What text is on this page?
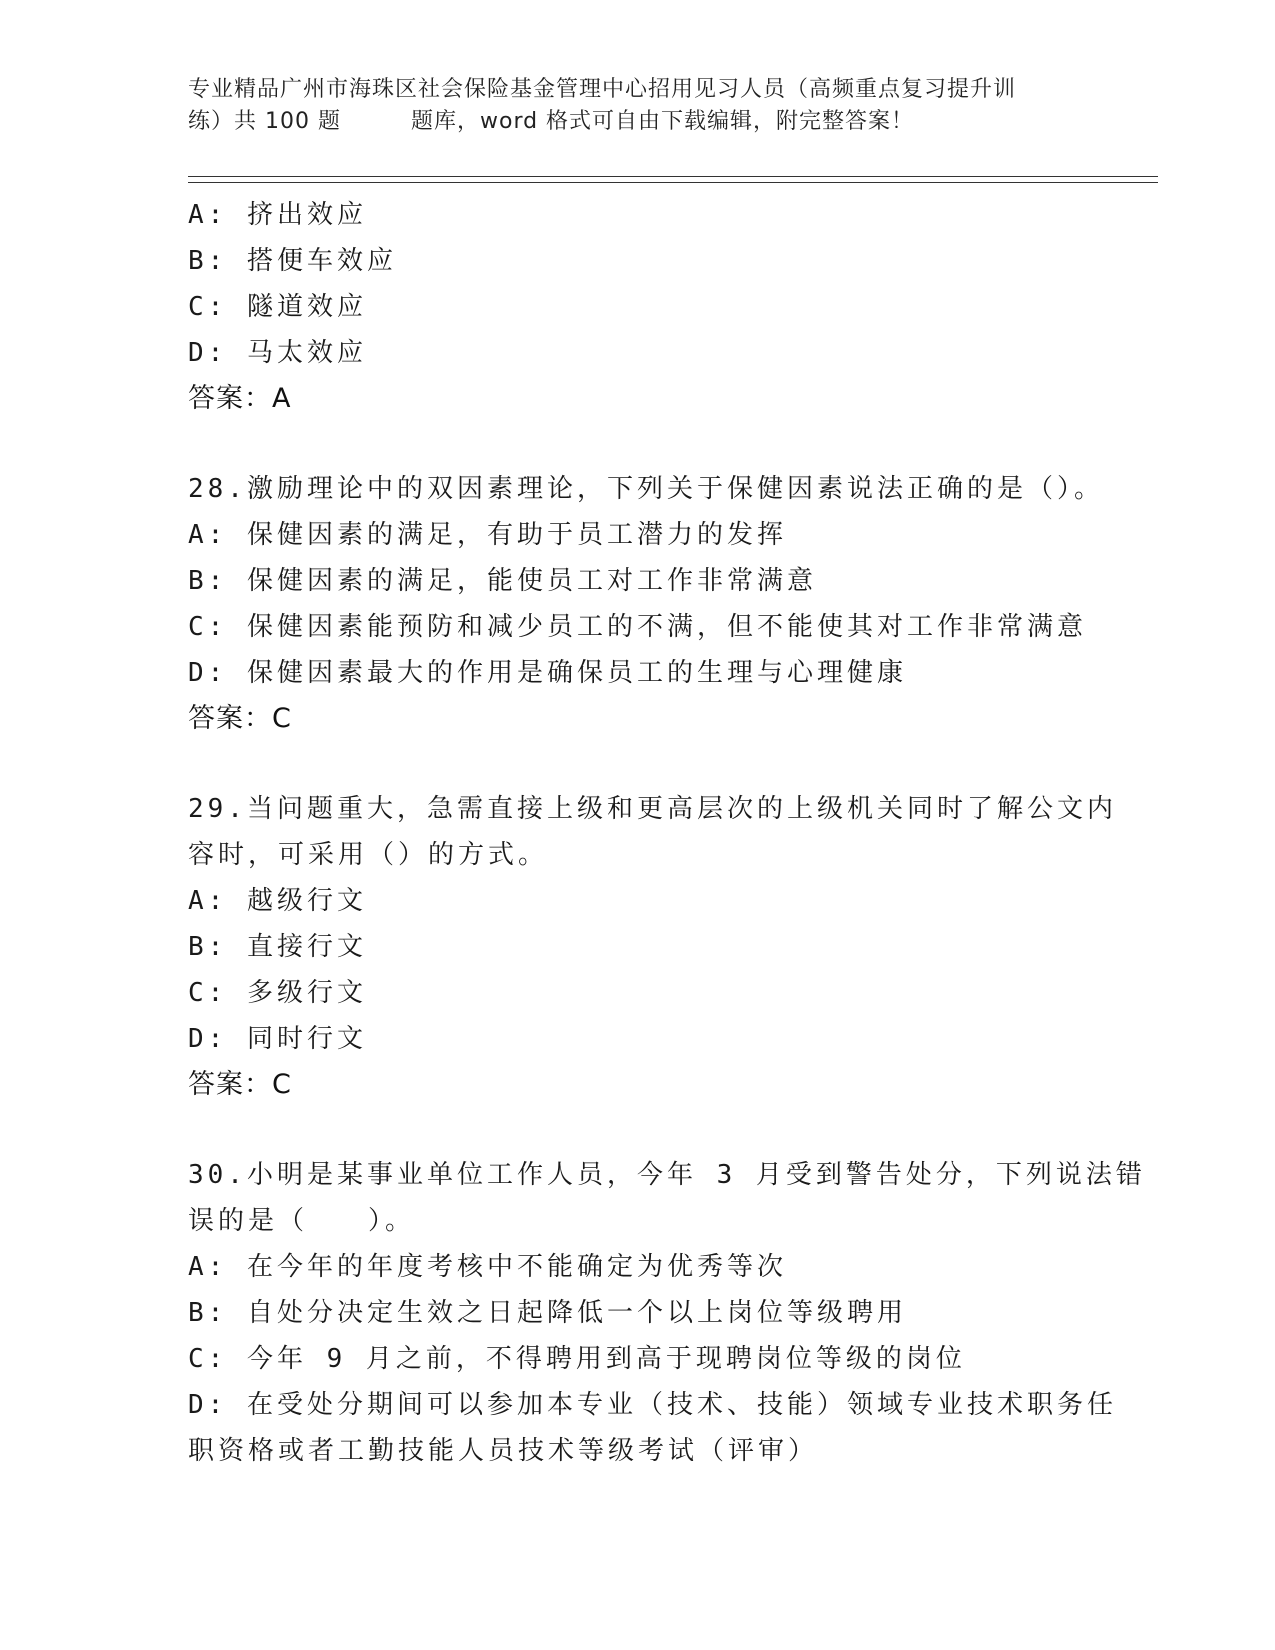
专业精品广州市海珠区社会保险基金管理中心招用见习人员（高频重点复习提升训
练）共 100 题	题库，word 格式可自由下载编辑，附完整答案！
A: 挤出效应
B: 搭便车效应
C: 隧道效应
D: 马太效应
答案：A
28.激励理论中的双因素理论，下列关于保健因素说法正确的是（）。
A: 保健因素的满足，有助于员工潜力的发挥
B: 保健因素的满足，能使员工对工作非常满意
C: 保健因素能预防和减少员工的不满，但不能使其对工作非常满意
D: 保健因素最大的作用是确保员工的生理与心理健康
答案：C
29.当问题重大，急需直接上级和更高层次的上级机关同时了解公文内
容时，可采用（）的方式。
A: 越级行文
B: 直接行文
C: 多级行文
D: 同时行文
答案：C
30.小明是某事业单位工作人员，今年 3 月受到警告处分，下列说法错
误的是（　　）。
A: 在今年的年度考核中不能确定为优秀等次
B: 自处分决定生效之日起降低一个以上岗位等级聘用
C: 今年 9 月之前，不得聘用到高于现聘岗位等级的岗位
D: 在受处分期间可以参加本专业（技术、技能）领域专业技术职务任
职资格或者工勤技能人员技术等级考试（评审）
